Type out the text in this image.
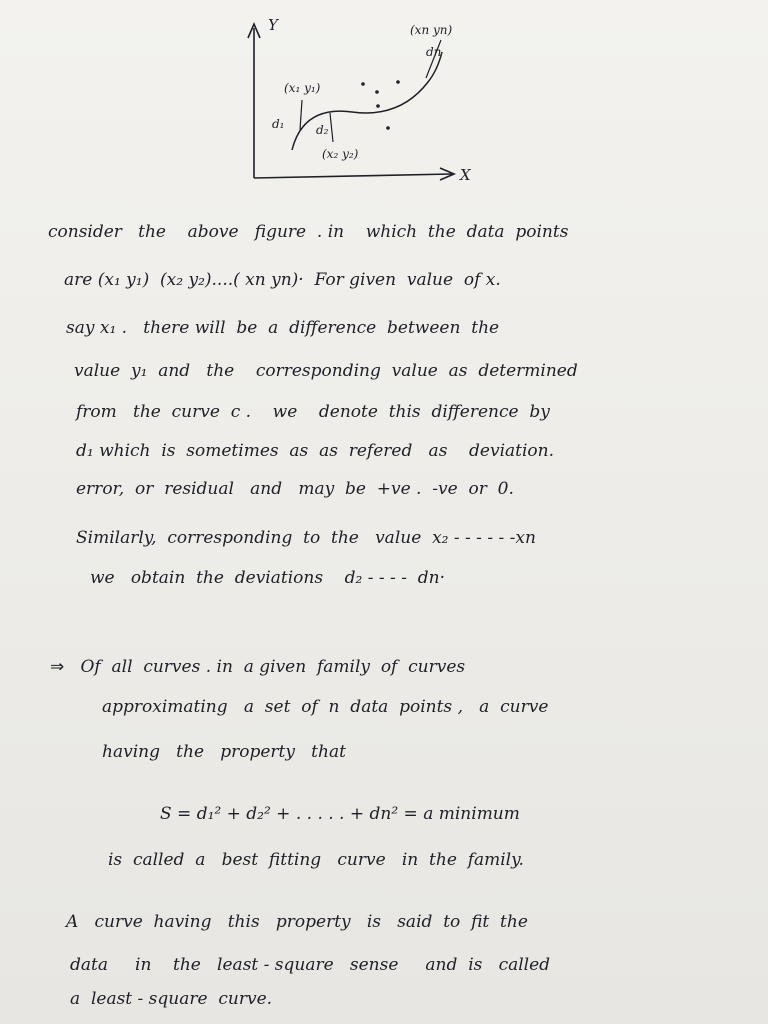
Y
X
(x₁ y₁)
(x₂ y₂)
(xn yn)
d₁	d₂
dn
consider   the    above   figure  . in    which  the  data  points
are (x₁ y₁)  (x₂ y₂)....( xn yn)·  For given  value  of x.
say x₁ .   there will  be  a  difference  between  the
value  y₁  and   the    corresponding  value  as  determined
from   the  curve  c .    we    denote  this  difference  by
d₁ which  is  sometimes  as  as  refered   as    deviation.
error,  or  residual   and   may  be  +ve .  -ve  or  0.
Similarly,  corresponding  to  the   value  x₂ - - - - - -xn
we   obtain  the  deviations    d₂ - - - -  dn·
⇒ Of  all  curves . in  a given  family  of  curves
approximating   a  set  of  n  data  points ,   a  curve
having   the   property   that
S = d₁² + d₂² + . . . . . + dn² = a minimum
is  called  a   best  fitting   curve   in  the  family.
A   curve  having   this   property   is   said  to  fit  the
data     in    the   least - square   sense     and  is   called
a  least - square  curve.
